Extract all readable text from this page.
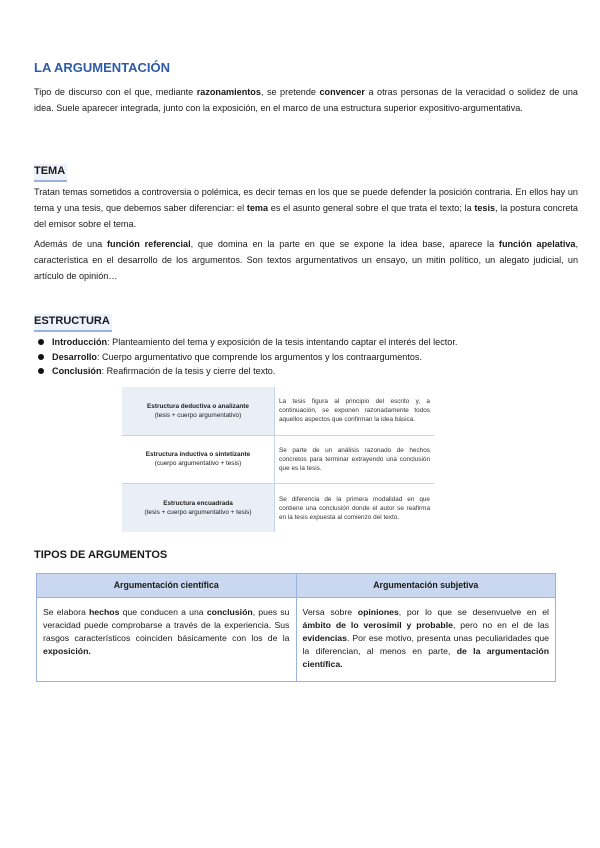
LA ARGUMENTACIÓN
Tipo de discurso con el que, mediante razonamientos, se pretende convencer a otras personas de la veracidad o solidez de una idea. Suele aparecer integrada, junto con la exposición, en el marco de una estructura superior expositivo-argumentativa.
TEMA
Tratan temas sometidos a controversia o polémica, es decir temas en los que se puede defender la posición contraria. En ellos hay un tema y una tesis, que debemos saber diferenciar: el tema es el asunto general sobre el que trata el texto; la tesis, la postura concreta del emisor sobre el tema.
Además de una función referencial, que domina en la parte en que se expone la idea base, aparece la función apelativa, característica en el desarrollo de los argumentos. Son textos argumentativos un ensayo, un mitin político, un alegato judicial, un artículo de opinión…
ESTRUCTURA
Introducción: Planteamiento del tema y exposición de la tesis intentando captar el interés del lector.
Desarrollo: Cuerpo argumentativo que comprende los argumentos y los contraargumentos.
Conclusión: Reafirmación de la tesis y cierre del texto.
Estructura deductiva o analizante
(tesis + cuerpo argumentativo)	La tesis figura al principio del escrito y, a continuación, se exponen razonadamente todos aquellos aspectos que confirman la idea básica.

Estructura inductiva o sintetizante
(cuerpo argumentativo + tesis)	Se parte de un análisis razonado de hechos concretos para terminar extrayendo una conclusión que es la tesis.

Estructura encuadrada
(tesis + cuerpo argumentativo + tesis)	Se diferencia de la primera modalidad en que contiene una conclusión donde el autor se reafirma en la tesis expuesta al comienzo del texto.
TIPOS DE ARGUMENTOS
Argumentación científica	Argumentación subjetiva
Se elabora hechos que conducen a una conclusión, pues su veracidad puede comprobarse a través de la experiencia. Sus rasgos característicos coinciden básicamente con los de la exposición.	Versa sobre opiniones, por lo que se desenvuelve en el ámbito de lo verosímil y probable, pero no en el de las evidencias. Por ese motivo, presenta unas peculiaridades que la diferencian, al menos en parte, de la argumentación científica.
